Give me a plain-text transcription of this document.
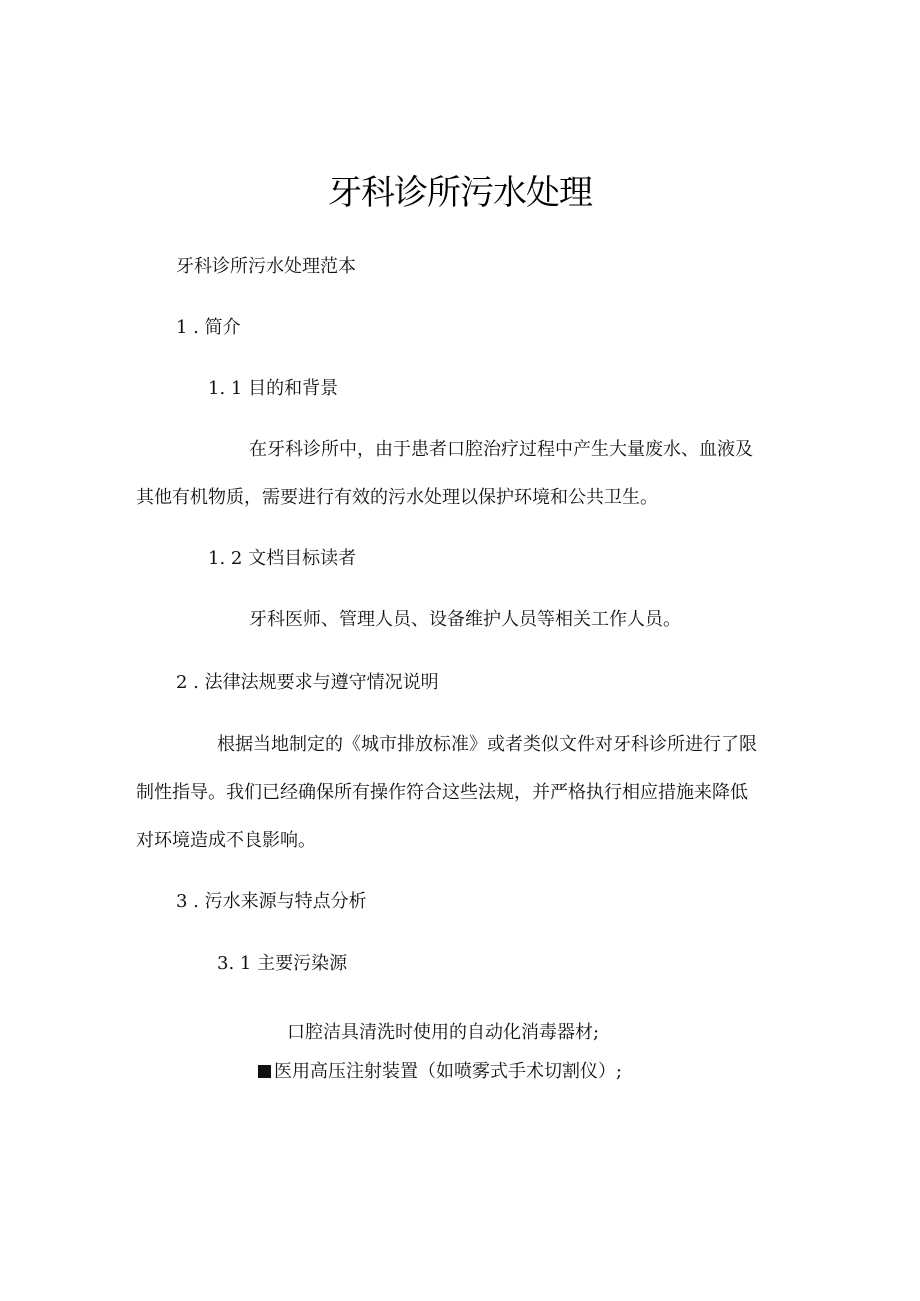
牙科诊所污水处理
牙科诊所污水处理范本
1 . 简介
1. 1 目的和背景
在牙科诊所中，由于患者口腔治疗过程中产生大量废水、血液及
其他有机物质，需要进行有效的污水处理以保护环境和公共卫生。
1. 2 文档目标读者
牙科医师、管理人员、设备维护人员等相关工作人员。
2 . 法律法规要求与遵守情况说明
根据当地制定的《城市排放标准》或者类似文件对牙科诊所进行了限
制性指导。我们已经确保所有操作符合这些法规，并严格执行相应措施来降低
对环境造成不良影响。
3 . 污水来源与特点分析
3. 1 主要污染源
口腔洁具清洗时使用的自动化消毒器材;
医用高压注射装置（如喷雾式手术切割仪）;
